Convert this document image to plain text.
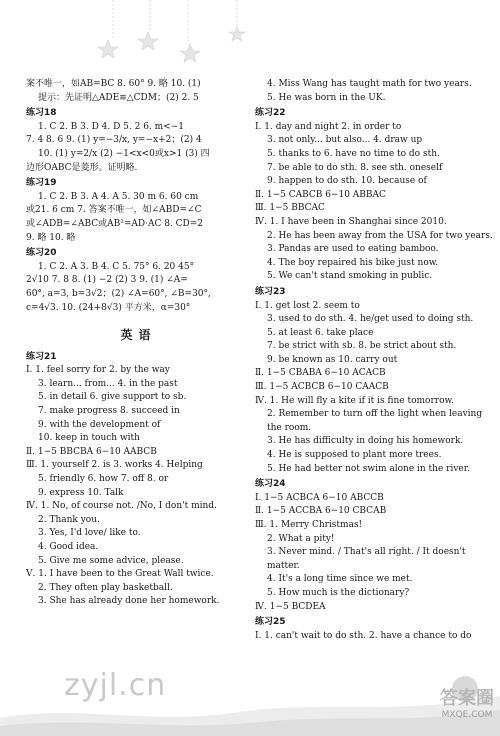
案不唯一，如AB=BC 8. 60° 9. 略 10. (1)
提示：先证明△ADE≌△CDM；(2) 2. 5
练习18
1. C 2. B 3. D 4. D 5. 2 6. m<−1
7. 4 8. 6 9. (1) y=−3/x, y=−x+2；(2) 4
10. (1) y=2/x (2) −1<x<0或x>1 (3) 四
边形OABC是菱形。证明略.
练习19
1. C 2. B 3. A 4. A 5. 30 m 6. 60 cm
或21. 6 cm 7. 答案不唯一，如∠ABD=∠C
或∠ADB=∠ABC或AB²=AD·AC 8. CD=2
9. 略 10. 略
练习20
1. C 2. A 3. B 4. C 5. 75° 6. 20 45°
2√10 7. 8 8. (1) −2 (2) 3 9. (1) ∠A=
60°, a=3, b=3√2；(2) ∠A=60°, ∠B=30°,
c=4√3. 10. (24+8√3) 平方米，α=30°
英语
练习21
Ⅰ. 1. feel sorry for 2. by the way
3. learn... from... 4. in the past
5. in detail 6. give support to sb.
7. make progress 8. succeed in
9. with the development of
10. keep in touch with
Ⅱ. 1−5 BBCBA 6−10 AABCB
Ⅲ. 1. yourself 2. is 3. works 4. Helping
5. friendly 6. how 7. off 8. or
9. express 10. Talk
Ⅳ. 1. No, of course not. /No, I don't mind.
2. Thank you.
3. Yes, I'd love/ like to.
4. Good idea.
5. Give me some advice, please.
Ⅴ. 1. I have been to the Great Wall twice.
2. They often play basketball.
3. She has already done her homework.
4. Miss Wang has taught math for two years.
5. He was born in the UK.
练习22
Ⅰ. 1. day and night 2. in order to
3. not only... but also... 4. draw up
5. thanks to 6. have no time to do sth.
7. be able to do sth. 8. see sth. oneself
9. happen to do sth. 10. because of
Ⅱ. 1−5 CABCB 6−10 ABBAC
Ⅲ. 1−5 BBCAC
Ⅳ. 1. I have been in Shanghai since 2010.
2. He has been away from the USA for two years.
3. Pandas are used to eating bamboo.
4. The boy repaired his bike just now.
5. We can't stand smoking in public.
练习23
Ⅰ. 1. get lost 2. seem to
3. used to do sth. 4. he/get used to doing sth.
5. at least 6. take place
7. be strict with sb. 8. be strict about sth.
9. be known as 10. carry out
Ⅱ. 1−5 CBABA 6−10 ACACB
Ⅲ. 1−5 ACBCB 6−10 CAACB
Ⅳ. 1. He will fly a kite if it is fine tomorrow.
2. Remember to turn off the light when leaving
the room.
3. He has difficulty in doing his homework.
4. He is supposed to plant more trees.
5. He had better not swim alone in the river.
练习24
Ⅰ. 1−5 ACBCA 6−10 ABCCB
Ⅱ. 1−5 ACCBA 6−10 CBCAB
Ⅲ. 1. Merry Christmas!
2. What a pity!
3. Never mind. / That's all right. / It doesn't
matter.
4. It's a long time since we met.
5. How much is the dictionary?
Ⅳ. 1−5 BCDEA
练习25
Ⅰ. 1. can't wait to do sth. 2. have a chance to do
zyjl.cn	答案圈
MXQE.COM
